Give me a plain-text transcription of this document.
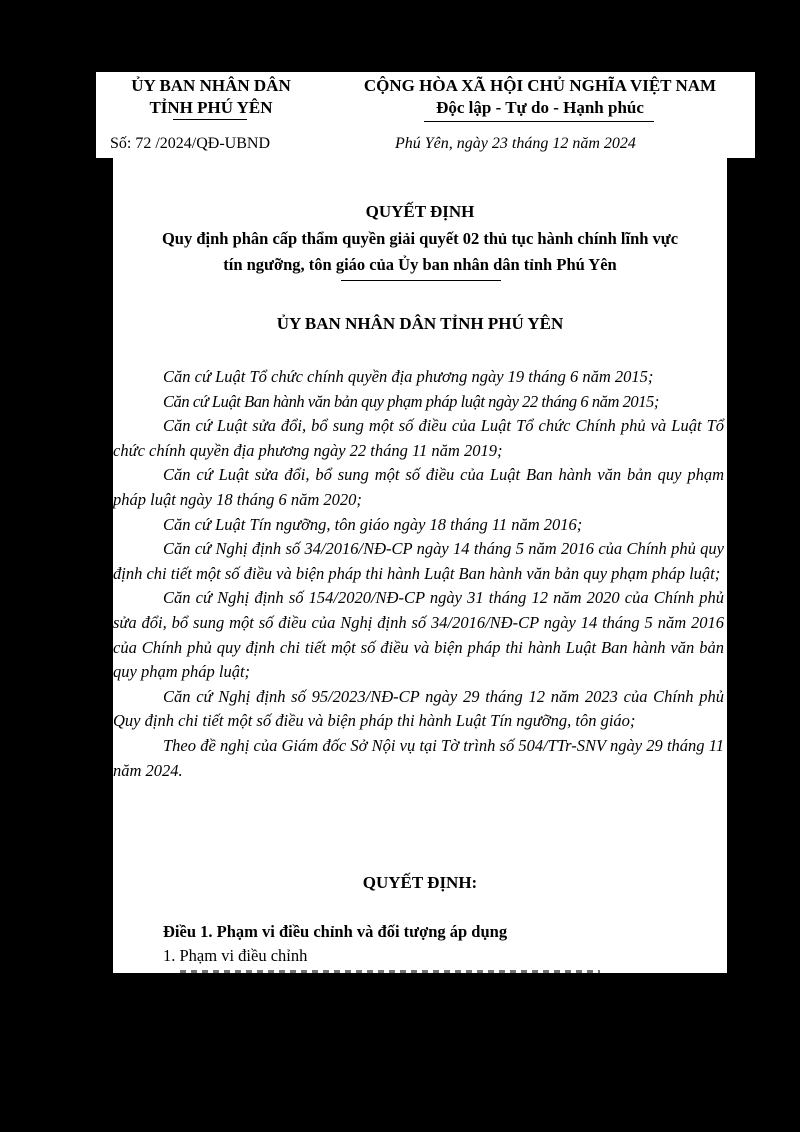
ỦY BAN NHÂN DÂN
TỈNH PHÚ YÊN
CỘNG HÒA XÃ HỘI CHỦ NGHĨA VIỆT NAM
Độc lập - Tự do - Hạnh phúc
Số: 72 /2024/QĐ-UBND	Phú Yên, ngày 23 tháng 12 năm 2024
QUYẾT ĐỊNH
Quy định phân cấp thẩm quyền giải quyết 02 thủ tục hành chính lĩnh vực
tín ngưỡng, tôn giáo của Ủy ban nhân dân tỉnh Phú Yên
ỦY BAN NHÂN DÂN TỈNH PHÚ YÊN

Căn cứ Luật Tổ chức chính quyền địa phương ngày 19 tháng 6 năm 2015;

Căn cứ Luật Ban hành văn bản quy phạm pháp luật ngày 22 tháng 6 năm 2015;

Căn cứ Luật sửa đổi, bổ sung một số điều của Luật Tổ chức Chính phủ và Luật Tổ chức chính quyền địa phương ngày 22 tháng 11 năm 2019;

Căn cứ Luật sửa đổi, bổ sung một số điều của Luật Ban hành văn bản quy phạm pháp luật ngày 18 tháng 6 năm 2020;

Căn cứ Luật Tín ngưỡng, tôn giáo ngày 18 tháng 11 năm 2016;

Căn cứ Nghị định số 34/2016/NĐ-CP ngày 14 tháng 5 năm 2016 của Chính phủ quy định chi tiết một số điều và biện pháp thi hành Luật Ban hành văn bản quy phạm pháp luật;

Căn cứ Nghị định số 154/2020/NĐ-CP ngày 31 tháng 12 năm 2020 của Chính phủ sửa đổi, bổ sung một số điều của Nghị định số 34/2016/NĐ-CP ngày 14 tháng 5 năm 2016 của Chính phủ quy định chi tiết một số điều và biện pháp thi hành Luật Ban hành văn bản quy phạm pháp luật;

Căn cứ Nghị định số 95/2023/NĐ-CP ngày 29 tháng 12 năm 2023 của Chính phủ Quy định chi tiết một số điều và biện pháp thi hành Luật Tín ngưỡng, tôn giáo;

Theo đề nghị của Giám đốc Sở Nội vụ tại Tờ trình số 504/TTr-SNV ngày 29 tháng 11 năm 2024.

QUYẾT ĐỊNH:
Điều 1. Phạm vi điều chỉnh và đối tượng áp dụng
1. Phạm vi điều chỉnh
